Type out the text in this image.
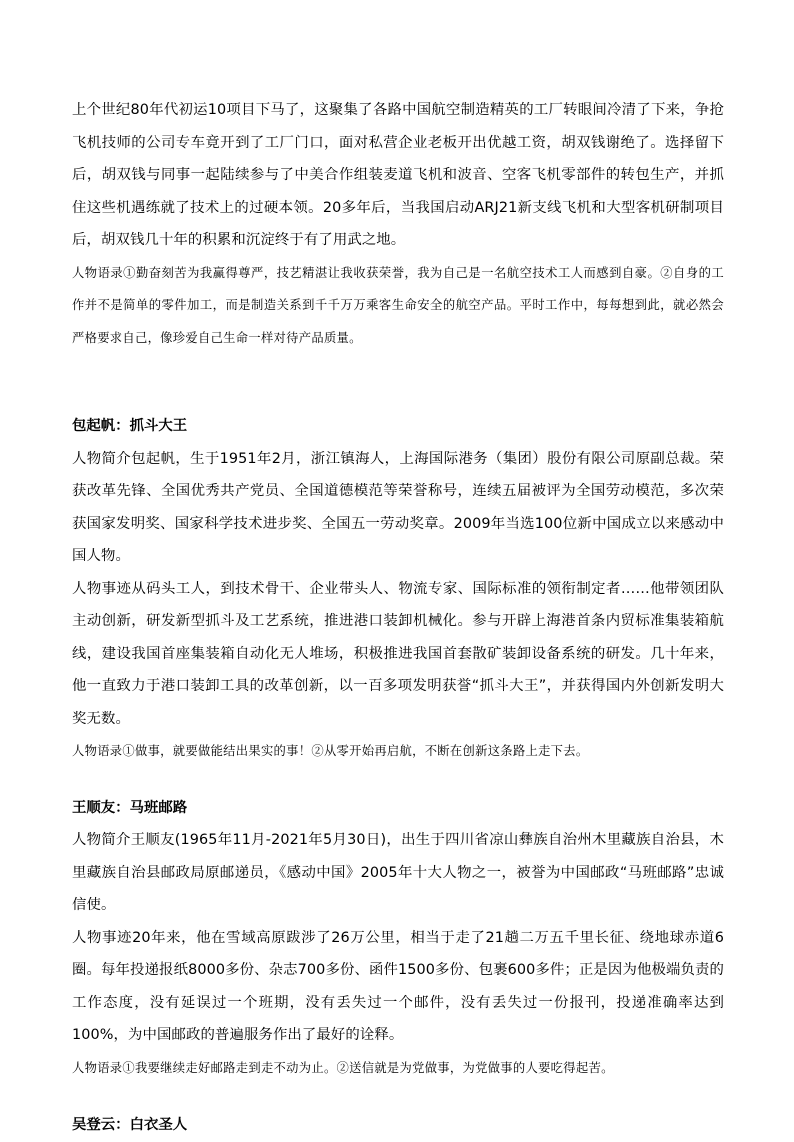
上个世纪80年代初运10项目下马了，这聚集了各路中国航空制造精英的工厂转眼间冷清了下来，争抢飞机技师的公司专车竟开到了工厂门口，面对私营企业老板开出优越工资，胡双钱谢绝了。选择留下后，胡双钱与同事一起陆续参与了中美合作组装麦道飞机和波音、空客飞机零部件的转包生产，并抓住这些机遇练就了技术上的过硬本领。20多年后，当我国启动ARJ21新支线飞机和大型客机研制项目后，胡双钱几十年的积累和沉淀终于有了用武之地。

人物语录①勤奋刻苦为我赢得尊严，技艺精湛让我收获荣誉，我为自己是一名航空技术工人而感到自豪。②自身的工作并不是简单的零件加工，而是制造关系到千千万万乘客生命安全的航空产品。平时工作中，每每想到此，就必然会严格要求自己，像珍爱自己生命一样对待产品质量。

包起帆：抓斗大王

人物简介包起帆，生于1951年2月，浙江镇海人，上海国际港务（集团）股份有限公司原副总裁。荣获改革先锋、全国优秀共产党员、全国道德模范等荣誉称号，连续五届被评为全国劳动模范，多次荣获国家发明奖、国家科学技术进步奖、全国五一劳动奖章。2009年当选100位新中国成立以来感动中国人物。

人物事迹从码头工人，到技术骨干、企业带头人、物流专家、国际标准的领衔制定者……他带领团队主动创新，研发新型抓斗及工艺系统，推进港口装卸机械化。参与开辟上海港首条内贸标准集装箱航线，建设我国首座集装箱自动化无人堆场，积极推进我国首套散矿装卸设备系统的研发。几十年来，他一直致力于港口装卸工具的改革创新，以一百多项发明获誉“抓斗大王”，并获得国内外创新发明大奖无数。

人物语录①做事，就要做能结出果实的事！②从零开始再启航，不断在创新这条路上走下去。

王顺友：马班邮路

人物简介王顺友(1965年11月-2021年5月30日)，出生于四川省凉山彝族自治州木里藏族自治县，木里藏族自治县邮政局原邮递员，《感动中国》2005年十大人物之一，被誉为中国邮政“马班邮路”忠诚信使。

人物事迹20年来，他在雪域高原跋涉了26万公里，相当于走了21趟二万五千里长征、绕地球赤道6圈。每年投递报纸8000多份、杂志700多份、函件1500多份、包裹600多件；正是因为他极端负责的工作态度，没有延误过一个班期，没有丢失过一个邮件，没有丢失过一份报刊，投递准确率达到100%，为中国邮政的普遍服务作出了最好的诠释。

人物语录①我要继续走好邮路走到走不动为止。②送信就是为党做事，为党做事的人要吃得起苦。

吴登云：白衣圣人
